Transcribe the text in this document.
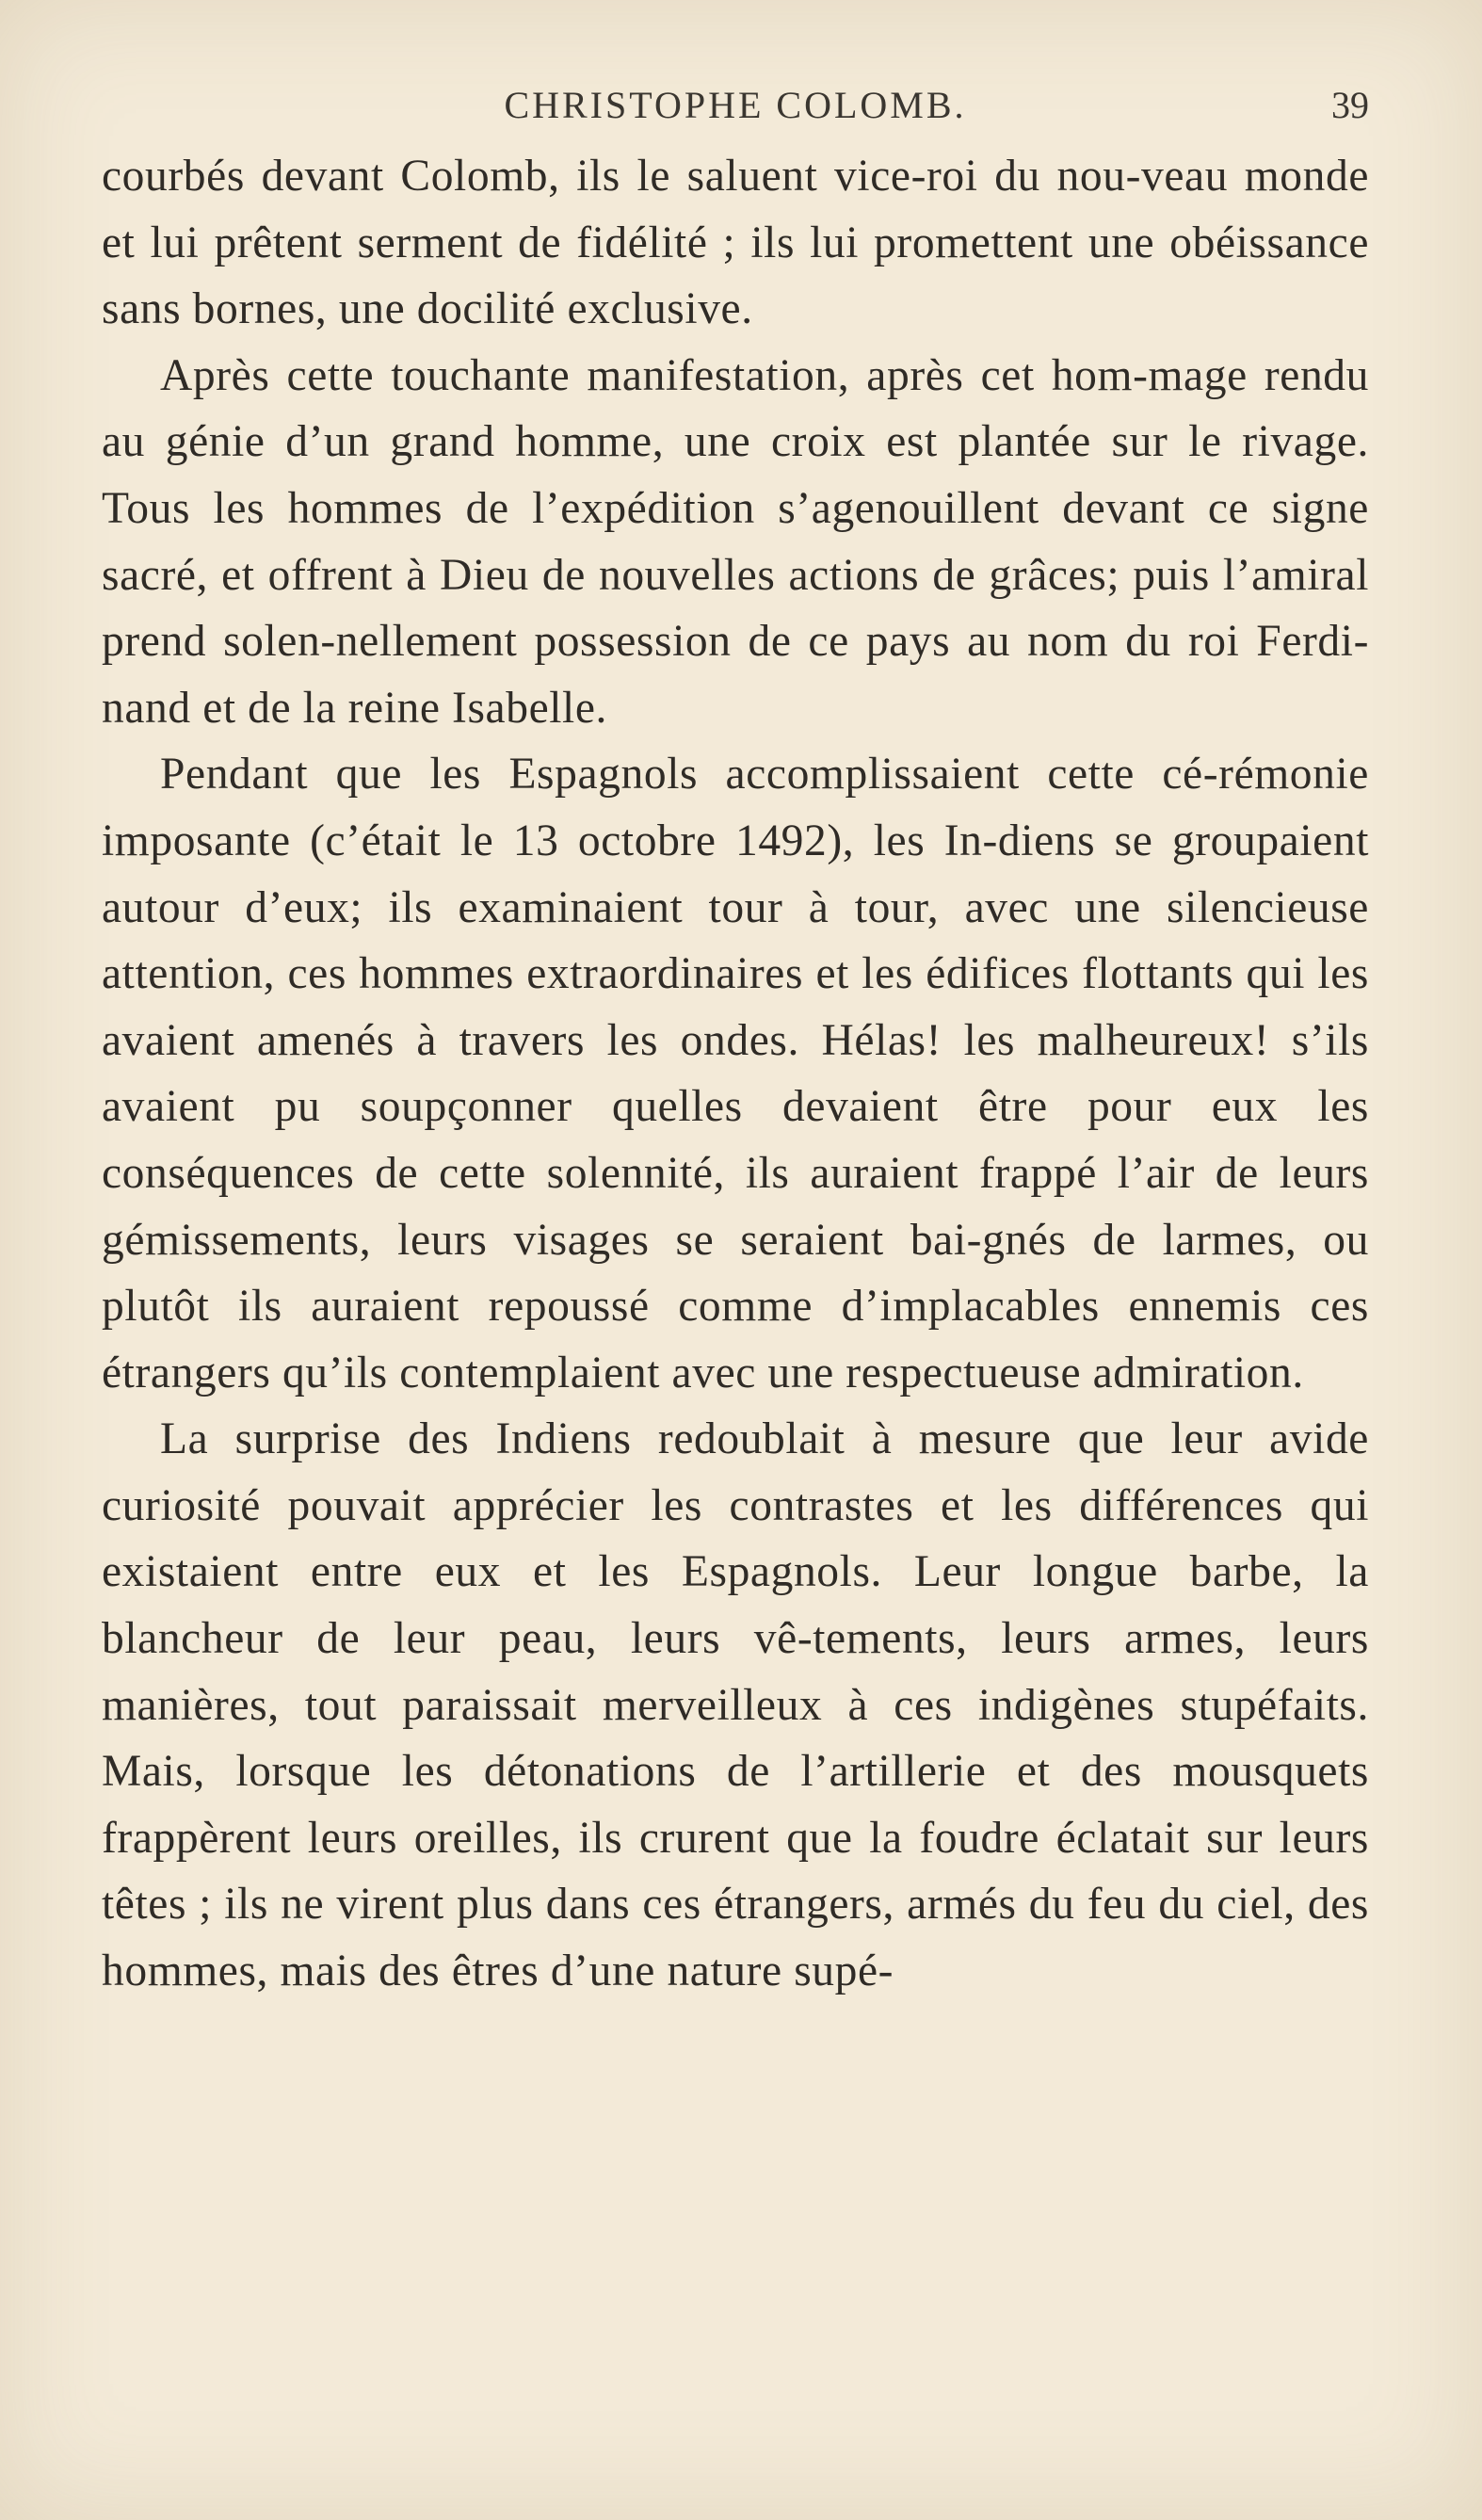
CHRISTOPHE COLOMB.	39

courbés devant Colomb, ils le saluent vice-roi du nou-veau monde et lui prêtent serment de fidélité ; ils lui promettent une obéissance sans bornes, une docilité exclusive.

Après cette touchante manifestation, après cet hom-mage rendu au génie d’un grand homme, une croix est plantée sur le rivage. Tous les hommes de l’expédition s’agenouillent devant ce signe sacré, et offrent à Dieu de nouvelles actions de grâces; puis l’amiral prend solen-nellement possession de ce pays au nom du roi Ferdi-nand et de la reine Isabelle.

Pendant que les Espagnols accomplissaient cette cé-rémonie imposante (c’était le 13 octobre 1492), les In-diens se groupaient autour d’eux; ils examinaient tour à tour, avec une silencieuse attention, ces hommes extraordinaires et les édifices flottants qui les avaient amenés à travers les ondes. Hélas! les malheureux! s’ils avaient pu soupçonner quelles devaient être pour eux les conséquences de cette solennité, ils auraient frappé l’air de leurs gémissements, leurs visages se seraient bai-gnés de larmes, ou plutôt ils auraient repoussé comme d’implacables ennemis ces étrangers qu’ils contemplaient avec une respectueuse admiration.

La surprise des Indiens redoublait à mesure que leur avide curiosité pouvait apprécier les contrastes et les différences qui existaient entre eux et les Espagnols. Leur longue barbe, la blancheur de leur peau, leurs vê-tements, leurs armes, leurs manières, tout paraissait merveilleux à ces indigènes stupéfaits. Mais, lorsque les détonations de l’artillerie et des mousquets frappèrent leurs oreilles, ils crurent que la foudre éclatait sur leurs têtes ; ils ne virent plus dans ces étrangers, armés du feu du ciel, des hommes, mais des êtres d’une nature supé-
